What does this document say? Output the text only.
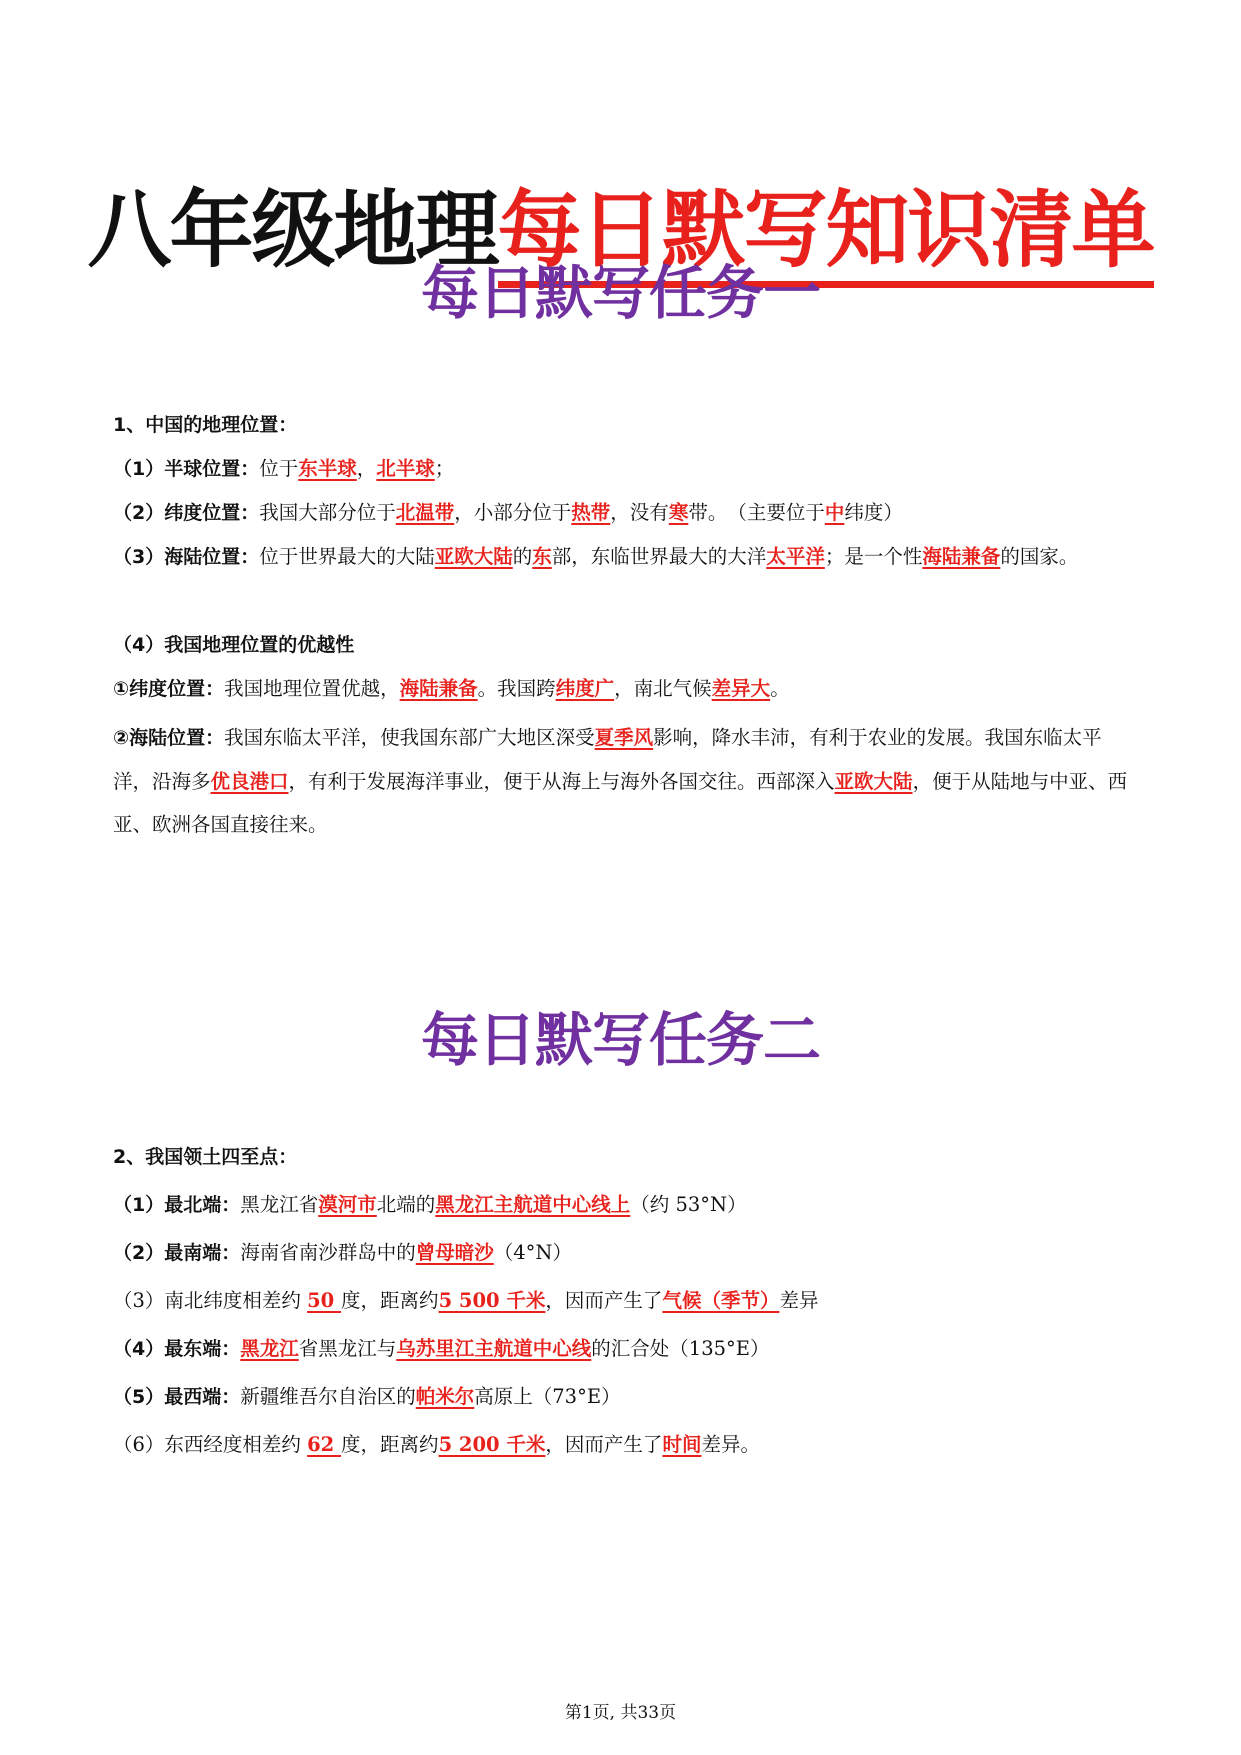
八年级地理每日默写知识清单
每日默写任务一
1、中国的地理位置：
（1）半球位置：位于东半球，北半球；
（2）纬度位置：我国大部分位于北温带，小部分位于热带，没有寒带。　（主要位于中纬度）
（3）海陆位置：位于世界最大的大陆亚欧大陆的东部，东临世界最大的大洋太平洋；是一个性海陆兼备的国家。
（4）我国地理位置的优越性
①纬度位置：我国地理位置优越，海陆兼备。我国跨纬度广，南北气候差异大。
②海陆位置：我国东临太平洋，使我国东部广大地区深受夏季风影响，降水丰沛，有利于农业的发展。我国东临太平洋，沿海多优良港口，有利于发展海洋事业，便于从海上与海外各国交往。西部深入亚欧大陆，便于从陆地与中亚、西亚、欧洲各国直接往来。
每日默写任务二
2、我国领土四至点：
（1）最北端：黑龙江省漠河市北端的黑龙江主航道中心线上（约 53°N）
（2）最南端：海南省南沙群岛中的曾母暗沙（4°N）
（3）南北纬度相差约 50 度，距离约5 500 千米，因而产生了气候（季节）差异
（4）最东端：黑龙江省黑龙江与乌苏里江主航道中心线的汇合处（135°E）
（5）最西端：新疆维吾尔自治区的帕米尔高原上（73°E）
（6）东西经度相差约 62 度，距离约5 200 千米，因而产生了时间差异。
第1页, 共33页
